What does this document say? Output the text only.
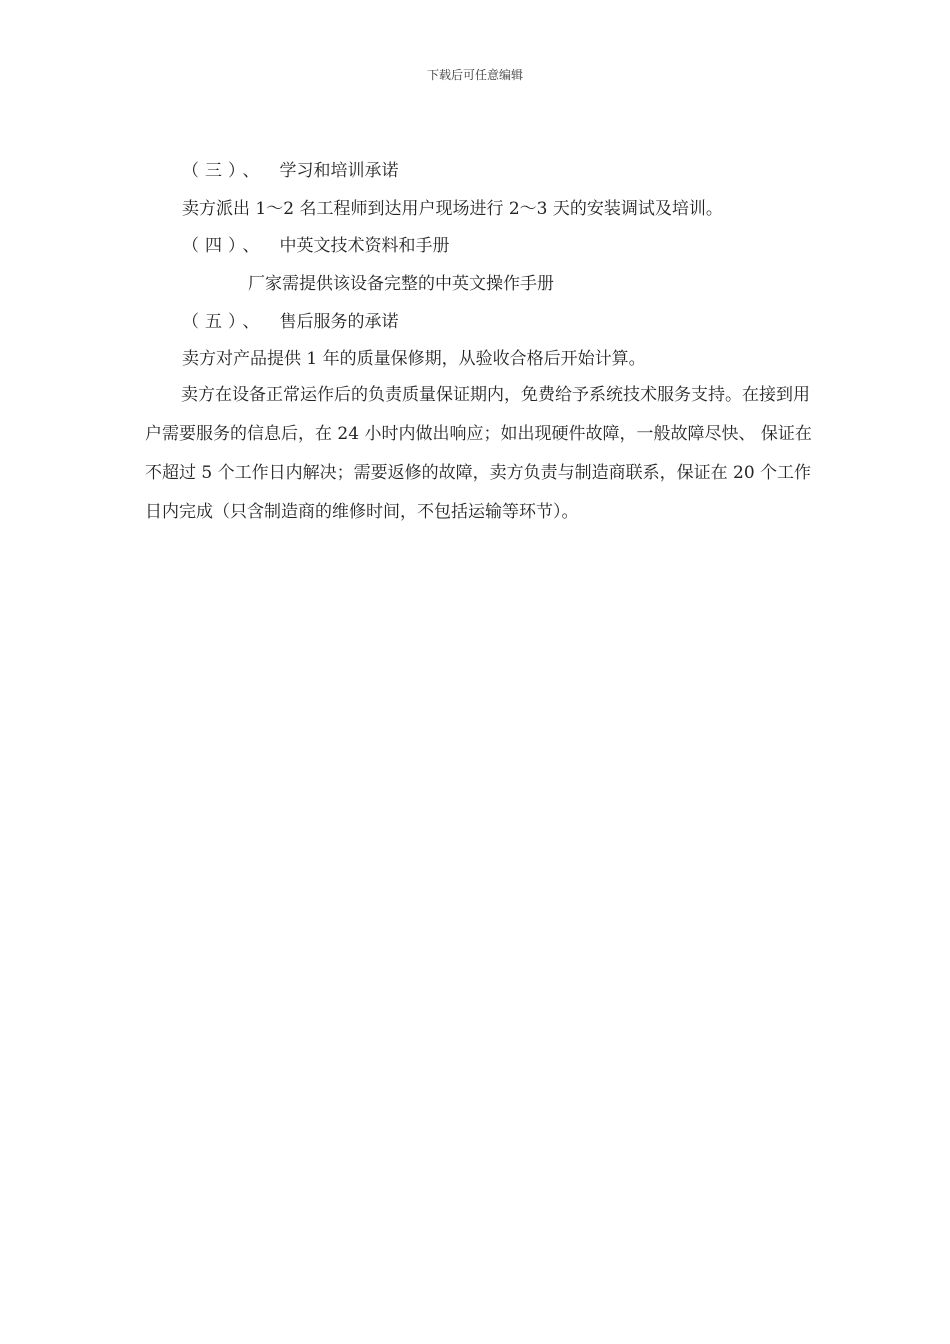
下载后可任意编辑
（三）、 学习和培训承诺
卖方派出 1～2 名工程师到达用户现场进行 2～3 天的安装调试及培训。
（四）、 中英文技术资料和手册
厂家需提供该设备完整的中英文操作手册
（五）、 售后服务的承诺
卖方对产品提供 1 年的质量保修期，从验收合格后开始计算。

卖方在设备正常运作后的负责质量保证期内，免费给予系统技术服务支持。在接到用户需要服务的信息后，在 24 小时内做出响应；如出现硬件故障，一般故障尽快、 保证在不超过 5 个工作日内解决；需要返修的故障，卖方负责与制造商联系，保证在 20 个工作日内完成（只含制造商的维修时间，不包括运输等环节）。
